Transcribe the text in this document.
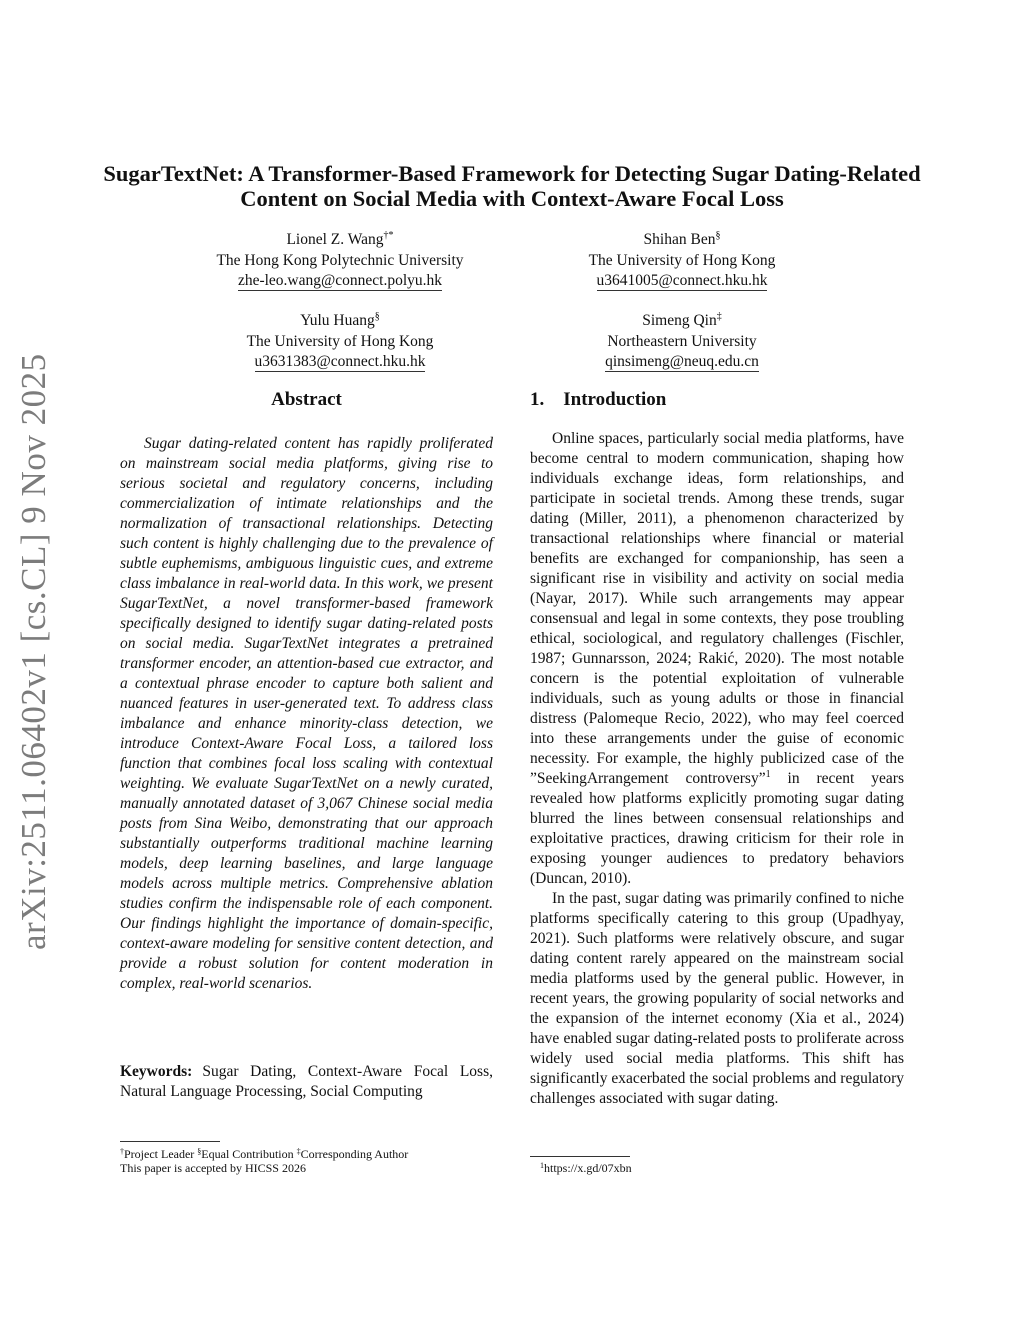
arXiv:2511.06402v1 [cs.CL] 9 Nov 2025
SugarTextNet: A Transformer-Based Framework for Detecting Sugar Dating-Related Content on Social Media with Context-Aware Focal Loss
Lionel Z. Wang†*
The Hong Kong Polytechnic University
zhe-leo.wang@connect.polyu.hk
Shihan Ben§
The University of Hong Kong
u3641005@connect.hku.hk
Yulu Huang§
The University of Hong Kong
u3631383@connect.hku.hk
Simeng Qin‡
Northeastern University
qinsimeng@neuq.edu.cn
Abstract

Sugar dating-related content has rapidly proliferated on mainstream social media platforms, giving rise to serious societal and regulatory concerns, including commercialization of intimate relationships and the normalization of transactional relationships. Detecting such content is highly challenging due to the prevalence of subtle euphemisms, ambiguous linguistic cues, and extreme class imbalance in real-world data. In this work, we present SugarTextNet, a novel transformer-based framework specifically designed to identify sugar dating-related posts on social media. SugarTextNet integrates a pretrained transformer encoder, an attention-based cue extractor, and a contextual phrase encoder to capture both salient and nuanced features in user-generated text. To address class imbalance and enhance minority-class detection, we introduce Context-Aware Focal Loss, a tailored loss function that combines focal loss scaling with contextual weighting. We evaluate SugarTextNet on a newly curated, manually annotated dataset of 3,067 Chinese social media posts from Sina Weibo, demonstrating that our approach substantially outperforms traditional machine learning models, deep learning baselines, and large language models across multiple metrics. Comprehensive ablation studies confirm the indispensable role of each component. Our findings highlight the importance of domain-specific, context-aware modeling for sensitive content detection, and provide a robust solution for content moderation in complex, real-world scenarios.

Keywords: Sugar Dating, Context-Aware Focal Loss, Natural Language Processing, Social Computing

†Project Leader §Equal Contribution ‡Corresponding Author
This paper is accepted by HICSS 2026
1.    Introduction

Online spaces, particularly social media platforms, have become central to modern communication, shaping how individuals exchange ideas, form relationships, and participate in societal trends. Among these trends, sugar dating (Miller, 2011), a phenomenon characterized by transactional relationships where financial or material benefits are exchanged for companionship, has seen a significant rise in visibility and activity on social media (Nayar, 2017). While such arrangements may appear consensual and legal in some contexts, they pose troubling ethical, sociological, and regulatory challenges (Fischler, 1987; Gunnarsson, 2024; Rakić, 2020). The most notable concern is the potential exploitation of vulnerable individuals, such as young adults or those in financial distress (Palomeque Recio, 2022), who may feel coerced into these arrangements under the guise of economic necessity. For example, the highly publicized case of the ”SeekingArrangement controversy”$^1$ in recent years revealed how platforms explicitly promoting sugar dating blurred the lines between consensual relationships and exploitative practices, drawing criticism for their role in exposing younger audiences to predatory behaviors (Duncan, 2010).

In the past, sugar dating was primarily confined to niche platforms specifically catering to this group (Upadhyay, 2021). Such platforms were relatively obscure, and sugar dating content rarely appeared on the mainstream social media platforms used by the general public. However, in recent years, the growing popularity of social networks and the expansion of the internet economy (Xia et al., 2024) have enabled sugar dating-related posts to proliferate across widely used social media platforms. This shift has significantly exacerbated the social problems and regulatory challenges associated with sugar dating.

$^1$https://x.gd/07xbn
